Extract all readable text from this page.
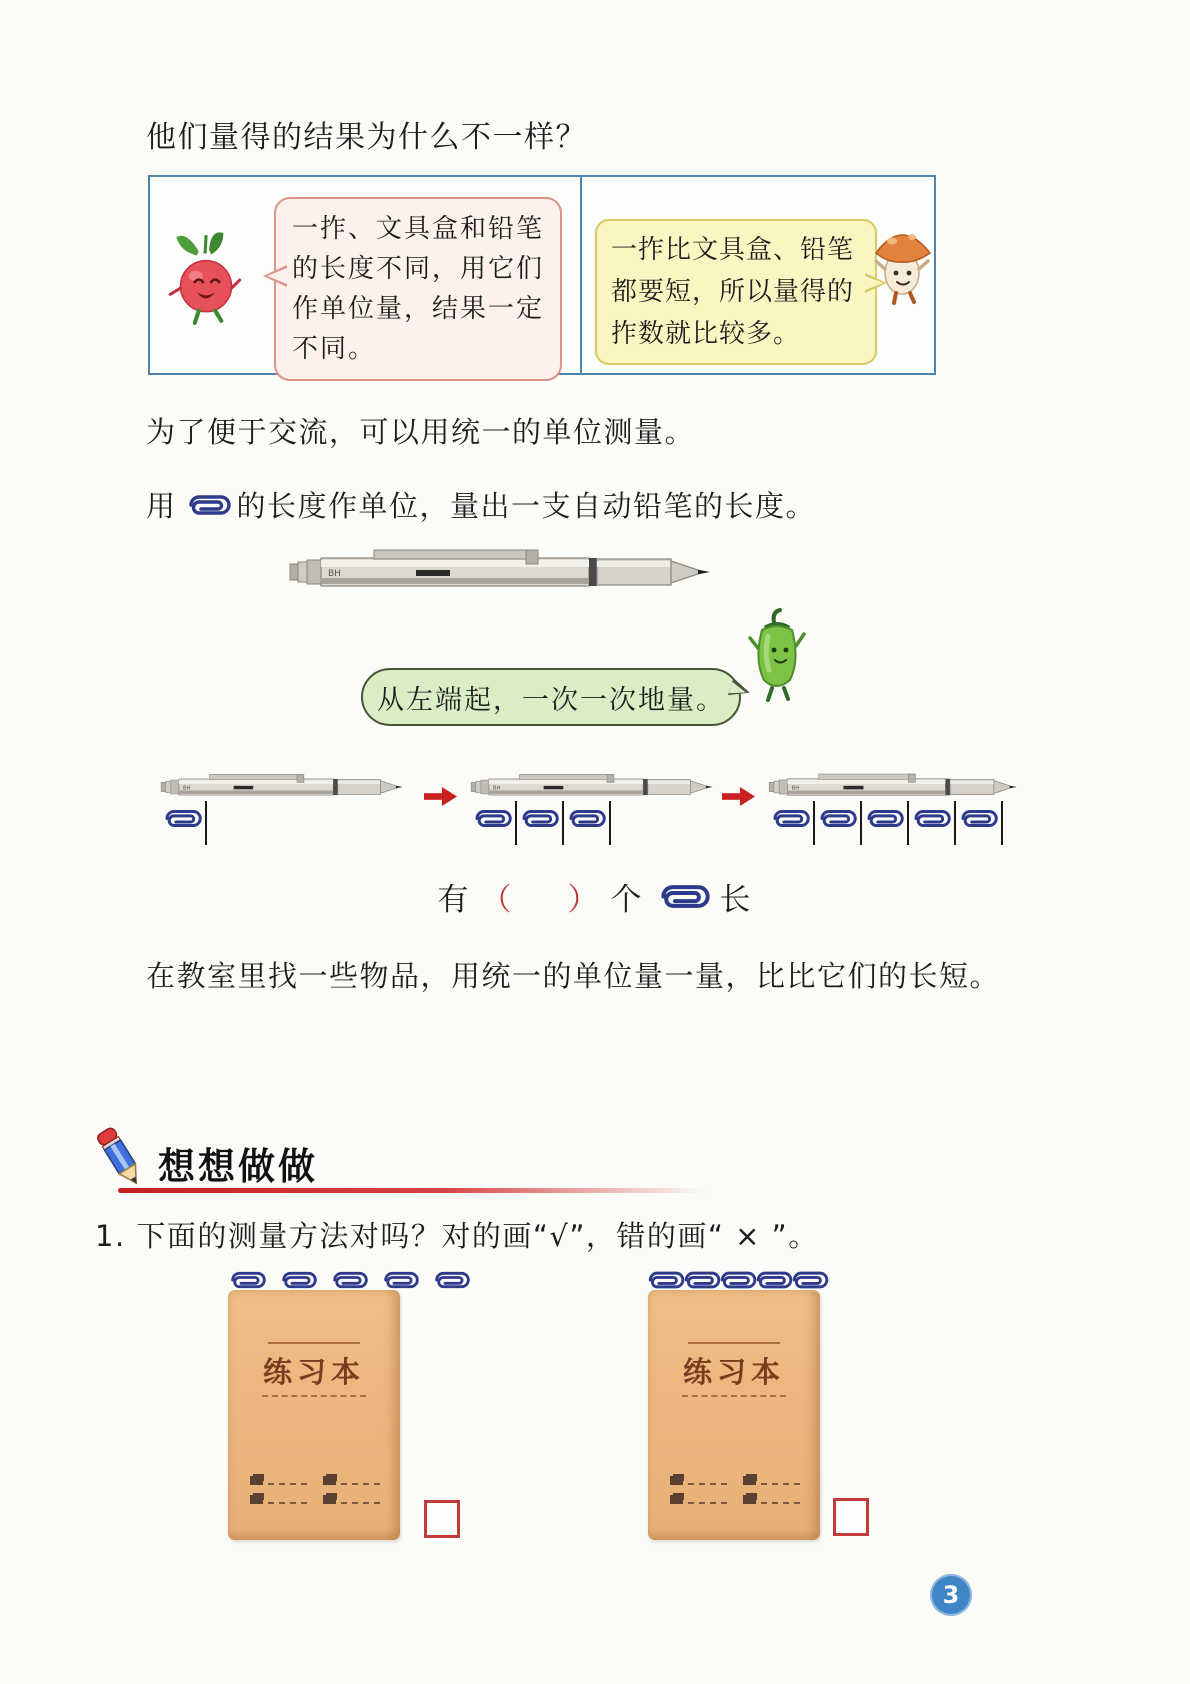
他们量得的结果为什么不一样？
一拃、文具盒和铅笔的长度不同，用它们作单位量，结果一定不同。
一拃比文具盒、铅笔都要短，所以量得的拃数就比较多。
为了便于交流，可以用统一的单位测量。
用 的长度作单位，量出一支自动铅笔的长度。
从左端起，一次一次地量。
有 （ ） 个 长

在教室里找一些物品，用统一的单位量一量，比比它们的长短。

想想做做
1. 下面的测量方法对吗？对的画“√”，错的画“ × ”。
练习本	练习本
3
